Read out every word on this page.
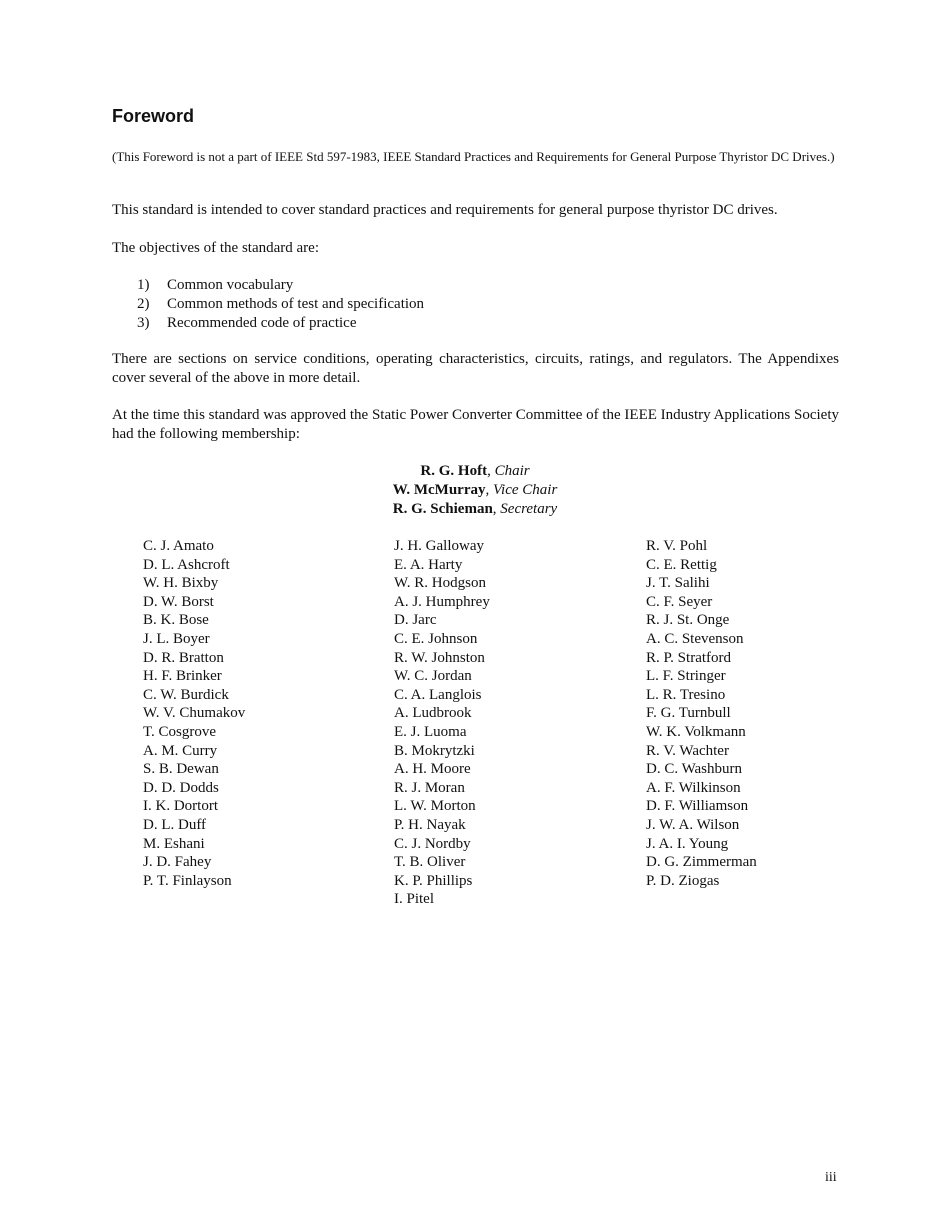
Foreword

(This Foreword is not a part of IEEE Std 597-1983, IEEE Standard Practices and Requirements for General Purpose Thyristor DC Drives.)

This standard is intended to cover standard practices and requirements for general purpose thyristor DC drives.

The objectives of the standard are:

1)	Common vocabulary
2)	Common methods of test and specification
3)	Recommended code of practice

There are sections on service conditions, operating characteristics, circuits, ratings, and regulators. The Appendixes cover several of the above in more detail.

At the time this standard was approved the Static Power Converter Committee of the IEEE Industry Applications Society had the following membership:

R. G. Hoft, Chair
W. McMurray, Vice Chair
R. G. Schieman, Secretary
C. J. Amato
D. L. Ashcroft
W. H. Bixby
D. W. Borst
B. K. Bose
J. L. Boyer
D. R. Bratton
H. F. Brinker
C. W. Burdick
W. V. Chumakov
T. Cosgrove
A. M. Curry
S. B. Dewan
D. D. Dodds
I. K. Dortort
D. L. Duff
M. Eshani
J. D. Fahey
P. T. Finlayson
J. H. Galloway
E. A. Harty
W. R. Hodgson
A. J. Humphrey
D. Jarc
C. E. Johnson
R. W. Johnston
W. C. Jordan
C. A. Langlois
A. Ludbrook
E. J. Luoma
B. Mokrytzki
A. H. Moore
R. J. Moran
L. W. Morton
P. H. Nayak
C. J. Nordby
T. B. Oliver
K. P. Phillips
I. Pitel
R. V. Pohl
C. E. Rettig
J. T. Salihi
C. F. Seyer
R. J. St. Onge
A. C. Stevenson
R. P. Stratford
L. F. Stringer
L. R. Tresino
F. G. Turnbull
W. K. Volkmann
R. V. Wachter
D. C. Washburn
A. F. Wilkinson
D. F. Williamson
J. W. A. Wilson
J. A. I. Young
D. G. Zimmerman
P. D. Ziogas
iii
